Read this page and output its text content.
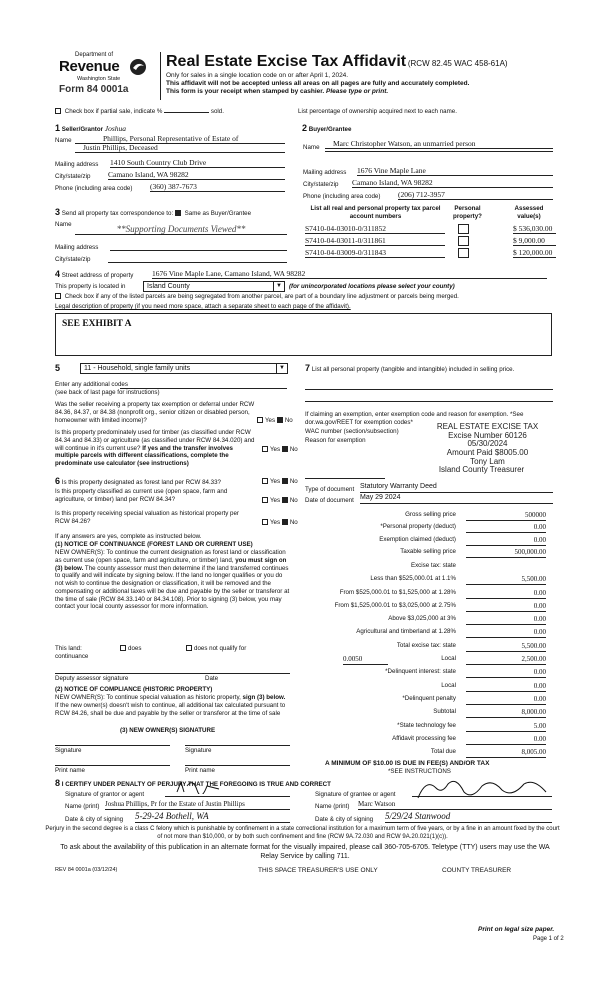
Department of
Revenue
Washington State
Form 84 0001a
Real Estate Excise Tax Affidavit (RCW 82.45 WAC 458-61A)
Only for sales in a single location code on or after April 1, 2024.
This affidavit will not be accepted unless all areas on all pages are fully and accurately completed.
This form is your receipt when stamped by cashier. Please type or print.
Check box if partial sale, indicate %	sold.	List percentage of ownership acquired next to each name.
1 Seller/Grantor Joshua
Name	Phillips, Personal Representative of Estate of
Justin Phillips, Deceased
Mailing address 1410 South Country Club Drive
City/state/zip Camano Island, WA 98282
Phone (including area code) (360) 387-7673
2 Buyer/Grantee
Name	Marc Christopher Watson, an unmarried person
Mailing address 1676 Vine Maple Lane
City/state/zip Camano Island, WA 98282
Phone (including area code) (206) 712-3957
3 Send all property tax correspondence to: Same as Buyer/Grantee
Name	**Supporting Documents Viewed**
Mailing address
City/state/zip
List all real and personal property tax parcel account numbers
Personal property?
Assessed value(s)
S7410-04-03010-0/311852	$ 536,030.00
S7410-04-03011-0/311861	$ 9,000.00
S7410-04-03009-0/311843	$ 120,000.00
4 Street address of property 1676 Vine Maple Lane, Camano Island, WA 98282
This property is located in	Island County	▼	(for unincorporated locations please select your county)
Check box if any of the listed parcels are being segregated from another parcel, are part of a boundary line adjustment or parcels being merged.
Legal description of property (if you need more space, attach a separate sheet to each page of the affidavit).
SEE EXHIBIT A
5	11 - Household, single family units	▼
Enter any additional codes
(see back of last page for instructions)
Was the seller receiving a property tax exemption or deferral under RCW 84.36, 84.37, or 84.38 (nonprofit org., senior citizen or disabled person, homeowner with limited income)?	Yes No
Is this property predominately used for timber (as classified under RCW 84.34 and 84.33) or agriculture (as classified under RCW 84.34.020) and will continue in it's current use? If yes and the transfer involves multiple parcels with different classifications, complete the predominate use calculator (see instructions)
Yes No
6 Is this property designated as forest land per RCW 84.33?	Yes No
Is this property classified as current use (open space, farm and agriculture, or timber) land per RCW 84.34?	Yes No
Is this property receiving special valuation as historical property per RCW 84.26?	Yes No
If any answers are yes, complete as instructed below.
(1) NOTICE OF CONTINUANCE (FOREST LAND OR CURRENT USE)
NEW OWNER(S): To continue the current designation as forest land or classification as current use (open space, farm and agriculture, or timber) land, you must sign on (3) below. The county assessor must then determine if the land transferred continues to qualify and will indicate by signing below. If the land no longer qualifies or you do not wish to continue the designation or classification, it will be removed and the compensating or additional taxes will be due and payable by the seller or transferor at the time of sale (RCW 84.33.140 or 84.34.108). Prior to signing (3) below, you may contact your local county assessor for more information.
This land:	does	does not qualify for
continuance
Deputy assessor signature	Date
(2) NOTICE OF COMPLIANCE (HISTORIC PROPERTY)
NEW OWNER(S): To continue special valuation as historic property, sign (3) below. If the new owner(s) doesn't wish to continue, all additional tax calculated pursuant to RCW 84.26, shall be due and payable by the seller or transferor at the time of sale
(3) NEW OWNER(S) SIGNATURE
Signature	Signature
Print name	Print name
7 List all personal property (tangible and intangible) included in selling price.
If claiming an exemption, enter exemption code and reason for exemption. *See dor.wa.gov/REET for exemption codes*
WAC number (section/subsection)
Reason for exemption
REAL ESTATE EXCISE TAX
Excise Number 60126
05/30/2024
Amount Paid $8005.00
Tony Lam
Island County Treasurer
Type of document Statutory Warranty Deed
Date of document May 29 2024
Gross selling price	500000
*Personal property (deduct)	0.00
Exemption claimed (deduct)	0.00
Taxable selling price	500,000.00
Excise tax: state
Less than $525,000.01 at 1.1%	5,500.00
From $525,000.01 to $1,525,000 at 1.28%	0.00
From $1,525,000.01 to $3,025,000 at 2.75%	0.00
Above $3,025,000 at 3%	0.00
Agricultural and timberland at 1.28%	0.00
Total excise tax: state	5,500.00
0.0050	Local	2,500.00
*Delinquent interest: state	0.00
Local	0.00
*Delinquent penalty	0.00
Subtotal	8,000.00
*State technology fee	5.00
Affidavit processing fee	0.00
Total due	8,005.00
A MINIMUM OF $10.00 IS DUE IN FEE(S) AND/OR TAX
*SEE INSTRUCTIONS
8 I CERTIFY UNDER PENALTY OF PERJURY THAT THE FOREGOING IS TRUE AND CORRECT
Signature of grantor or agent
Name (print) Joshua Phillips, Pr for the Estate of Justin Phillips
Date & city of signing 5-29-24 Bothell, WA
Signature of grantee or agent
Name (print) Marc Watson
Date & city of signing 5/29/24 Stanwood
Perjury in the second degree is a class C felony which is punishable by confinement in a state correctional institution for a maximum term of five years, or by a fine in an amount fixed by the court of not more than $10,000, or by both such confinement and fine (RCW 9A.72.030 and RCW 9A.20.021(1)(c)).
To ask about the availability of this publication in an alternate format for the visually impaired, please call 360-705-6705. Teletype (TTY) users may use the WA Relay Service by calling 711.
REV 84 0001a (03/12/24)	THIS SPACE TREASURER'S USE ONLY	COUNTY TREASURER
Print on legal size paper.
Page 1 of 2
